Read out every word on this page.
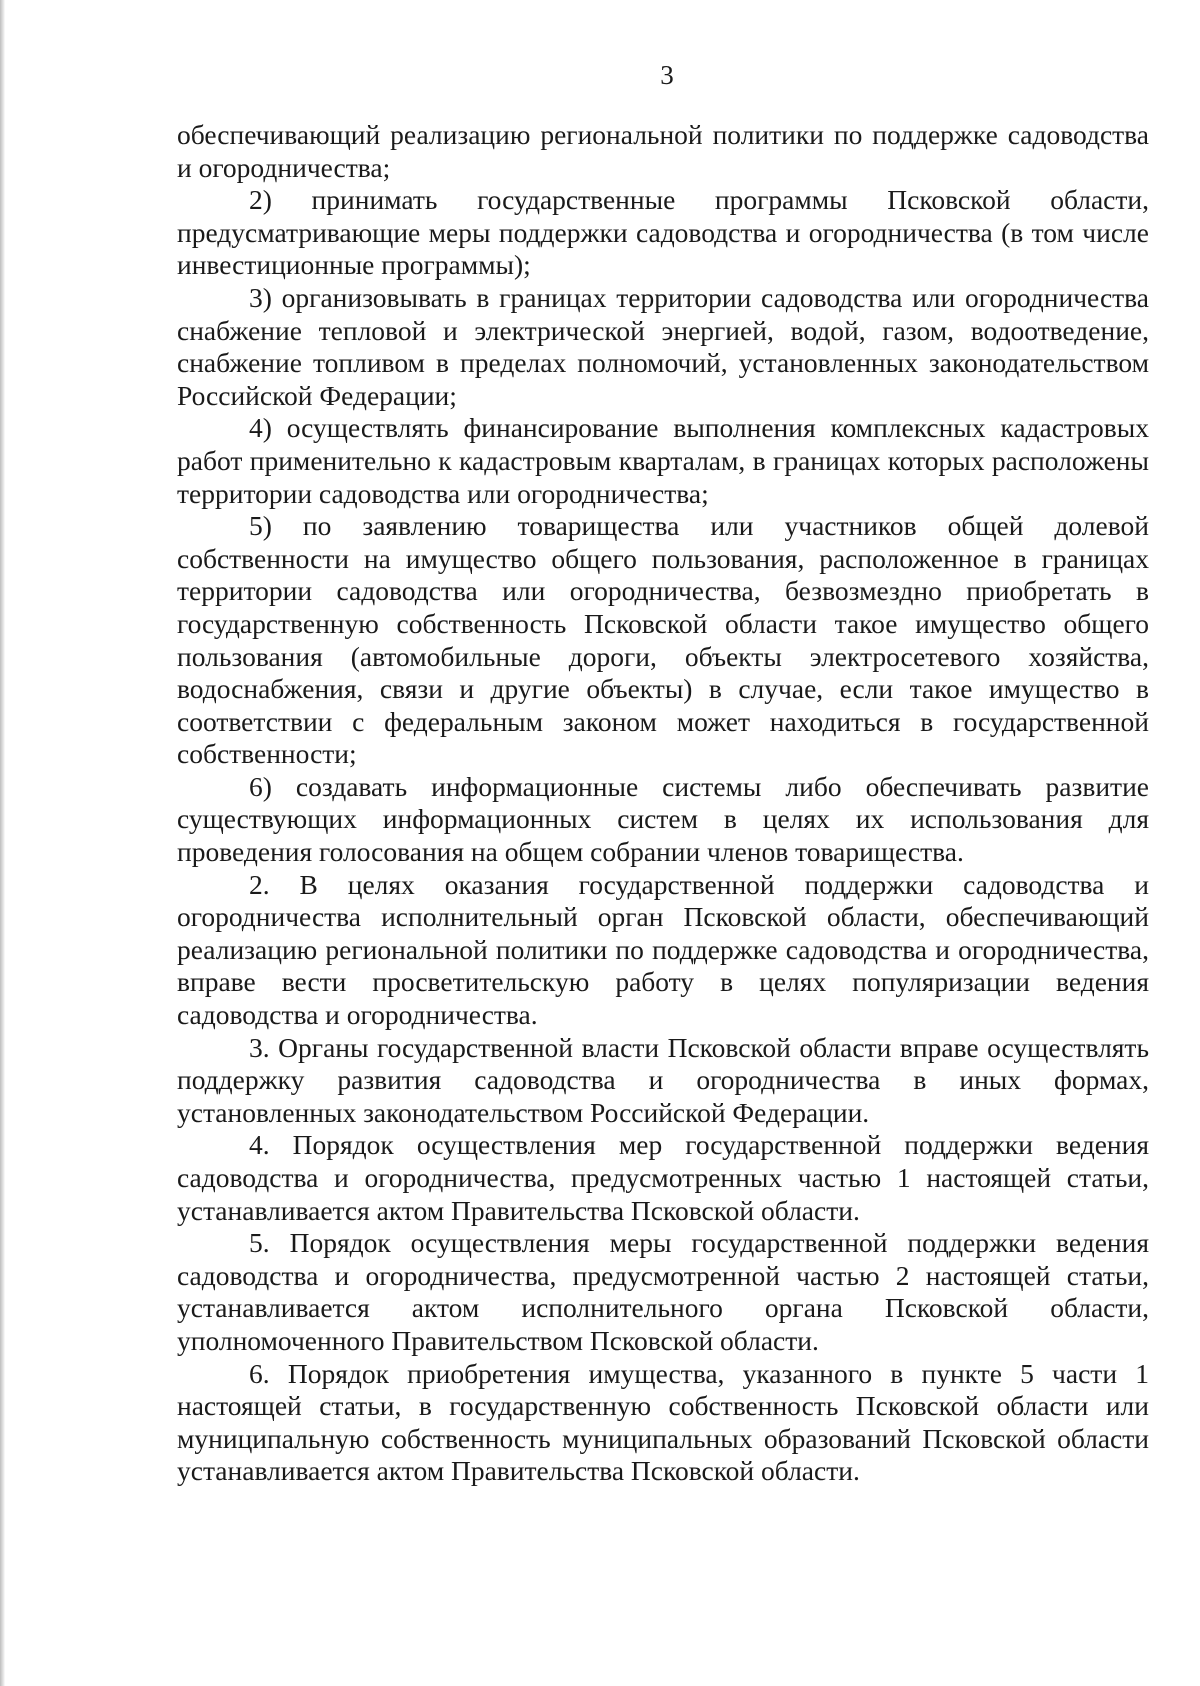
3

обеспечивающий реализацию региональной политики по поддержке садоводства и огородничества;

2) принимать государственные программы Псковской области, предусматривающие меры поддержки садоводства и огородничества (в том числе инвестиционные программы);

3) организовывать в границах территории садоводства или огородничества снабжение тепловой и электрической энергией, водой, газом, водоотведение, снабжение топливом в пределах полномочий, установленных законодательством Российской Федерации;

4) осуществлять финансирование выполнения комплексных кадастровых работ применительно к кадастровым кварталам, в границах которых расположены территории садоводства или огородничества;

5) по заявлению товарищества или участников общей долевой собственности на имущество общего пользования, расположенное в границах территории садоводства или огородничества, безвозмездно приобретать в государственную собственность Псковской области такое имущество общего пользования (автомобильные дороги, объекты электросетевого хозяйства, водоснабжения, связи и другие объекты) в случае, если такое имущество в соответствии с федеральным законом может находиться в государственной собственности;

6) создавать информационные системы либо обеспечивать развитие существующих информационных систем в целях их использования для проведения голосования на общем собрании членов товарищества.

2. В целях оказания государственной поддержки садоводства и огородничества исполнительный орган Псковской области, обеспечивающий реализацию региональной политики по поддержке садоводства и огородничества, вправе вести просветительскую работу в целях популяризации ведения садоводства и огородничества.

3. Органы государственной власти Псковской области вправе осуществлять поддержку развития садоводства и огородничества в иных формах, установленных законодательством Российской Федерации.

4. Порядок осуществления мер государственной поддержки ведения садоводства и огородничества, предусмотренных частью 1 настоящей статьи, устанавливается актом Правительства Псковской области.

5. Порядок осуществления меры государственной поддержки ведения садоводства и огородничества, предусмотренной частью 2 настоящей статьи, устанавливается актом исполнительного органа Псковской области, уполномоченного Правительством Псковской области.

6. Порядок приобретения имущества, указанного в пункте 5 части 1 настоящей статьи, в государственную собственность Псковской области или муниципальную собственность муниципальных образований Псковской области устанавливается актом Правительства Псковской области.
